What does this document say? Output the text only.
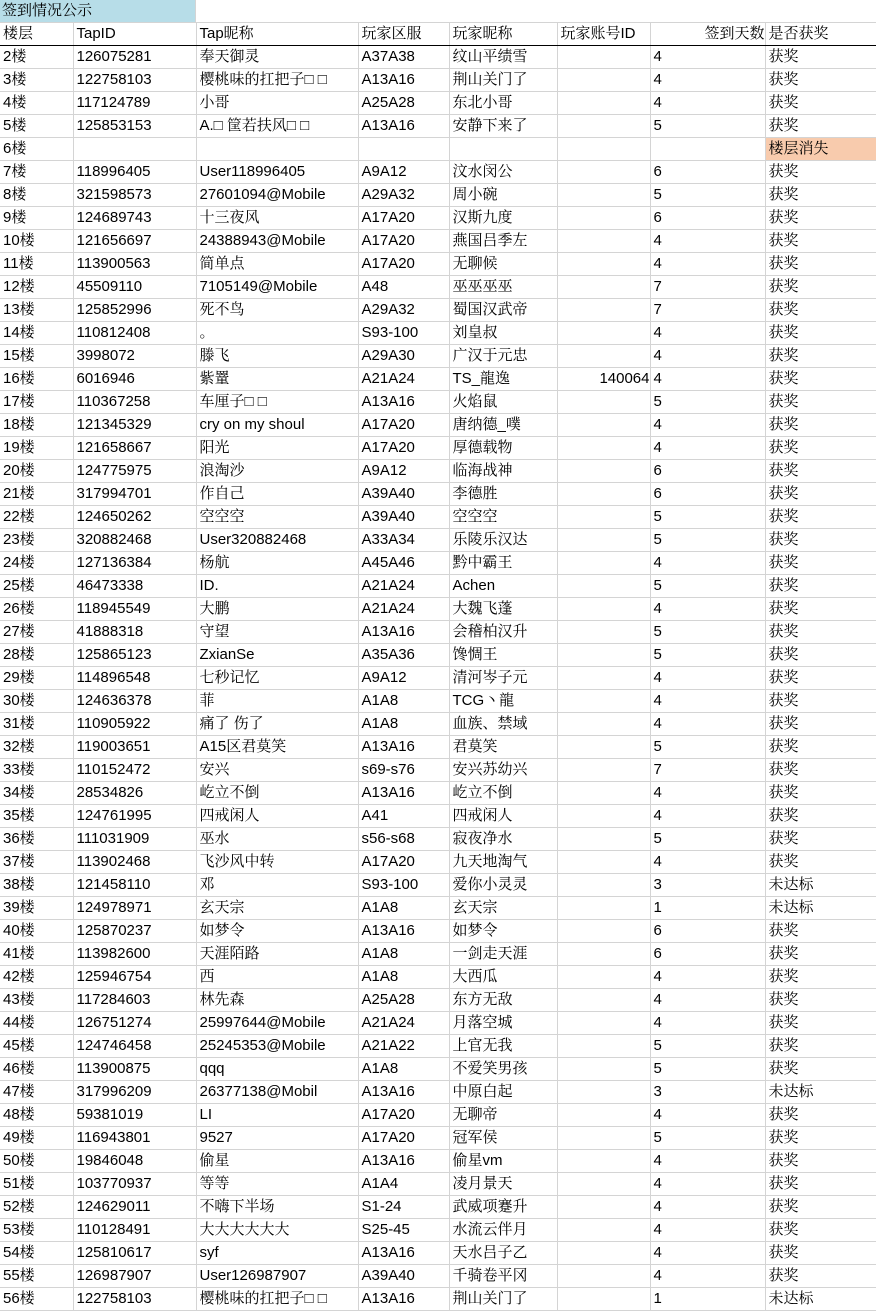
签到情况公示
楼层	TapID	Tap昵称	玩家区服	玩家昵称	玩家账号ID	签到天数	是否获奖
2楼	126075281	奉天御灵	A37A38	纹山平绩雪		4	获奖
3楼	122758103	樱桃味的扛把子□ □	A13A16	荆山关门了		4	获奖
4楼	117124789	小哥	A25A28	东北小哥		4	获奖
5楼	125853153	A.□ 筐若扶风□ □	A13A16	安静下来了		5	获奖
6楼							楼层消失
7楼	118996405	User118996405	A9A12	汶水闵公		6	获奖
8楼	321598573	27601094@Mobile	A29A32	周小碗		5	获奖
9楼	124689743	十三夜风	A17A20	汉斯九度		6	获奖
10楼	121656697	24388943@Mobile	A17A20	燕国吕季左		4	获奖
11楼	113900563	简单点	A17A20	无聊候		4	获奖
12楼	45509110	7105149@Mobile	A48	巫巫巫巫		7	获奖
13楼	125852996	死不鸟	A29A32	蜀国汉武帝		7	获奖
14楼	110812408	。	S93-100	刘皇叔		4	获奖
15楼	3998072	滕飞	A29A30	广汉于元忠		4	获奖
16楼	6016946	紫罿	A21A24	TS_龍逸	140064	4	获奖
17楼	110367258	车厘子□ □	A13A16	火焰鼠		5	获奖
18楼	121345329	cry on my shoul	A17A20	唐纳德_噗		4	获奖
19楼	121658667	阳光	A17A20	厚德载物		4	获奖
20楼	124775975	浪淘沙	A9A12	临海战神		6	获奖
21楼	317994701	作自己	A39A40	李德胜		6	获奖
22楼	124650262	空空空	A39A40	空空空		5	获奖
23楼	320882468	User320882468	A33A34	乐陵乐汉达		5	获奖
24楼	127136384	杨航	A45A46	黔中霸王		4	获奖
25楼	46473338	ID.	A21A24	Achen		5	获奖
26楼	118945549	大鹏	A21A24	大魏飞蓬		4	获奖
27楼	41888318	守望	A13A16	会稽柏汉升		5	获奖
28楼	125865123	ZxianSe	A35A36	馋惆王		5	获奖
29楼	114896548	七秒记忆	A9A12	清河岑子元		4	获奖
30楼	124636378	菲	A1A8	TCG丶龍		4	获奖
31楼	110905922	痛了 伤了	A1A8	血族、禁域		4	获奖
32楼	119003651	A15区君莫笑	A13A16	君莫笑		5	获奖
33楼	110152472	安兴	s69-s76	安兴苏幼兴		7	获奖
34楼	28534826	屹立不倒	A13A16	屹立不倒		4	获奖
35楼	124761995	四戒闲人	A41	四戒闲人		4	获奖
36楼	111031909	巫水	s56-s68	寂夜净水		5	获奖
37楼	113902468	飞沙风中转	A17A20	九天地淘气		4	获奖
38楼	121458110	邓	S93-100	爱你小灵灵		3	未达标
39楼	124978971	玄天宗	A1A8	玄天宗		1	未达标
40楼	125870237	如梦令	A13A16	如梦令		6	获奖
41楼	113982600	天涯陌路	A1A8	一剑走天涯		6	获奖
42楼	125946754	西	A1A8	大西瓜		4	获奖
43楼	117284603	林先森	A25A28	东方无敌		4	获奖
44楼	126751274	25997644@Mobile	A21A24	月落空城		4	获奖
45楼	124746458	25245353@Mobile	A21A22	上官无我		5	获奖
46楼	113900875	qqq	A1A8	不爱笑男孩		5	获奖
47楼	317996209	26377138@Mobil	A13A16	中原白起		3	未达标
48楼	59381019	LI	A17A20	无聊帝		4	获奖
49楼	116943801	9527	A17A20	冠军侯		5	获奖
50楼	19846048	偷星	A13A16	偷星vm		4	获奖
51楼	103770937	等等	A1A4	凌月景天		4	获奖
52楼	124629011	不嗨下半场	S1-24	武威项蹇升		4	获奖
53楼	110128491	大大大大大大	S25-45	水流云伴月		4	获奖
54楼	125810617	syf	A13A16	天水吕子乙		4	获奖
55楼	126987907	User126987907	A39A40	千骑卷平冈		4	获奖
56楼	122758103	樱桃味的扛把子□ □	A13A16	荆山关门了		1	未达标
